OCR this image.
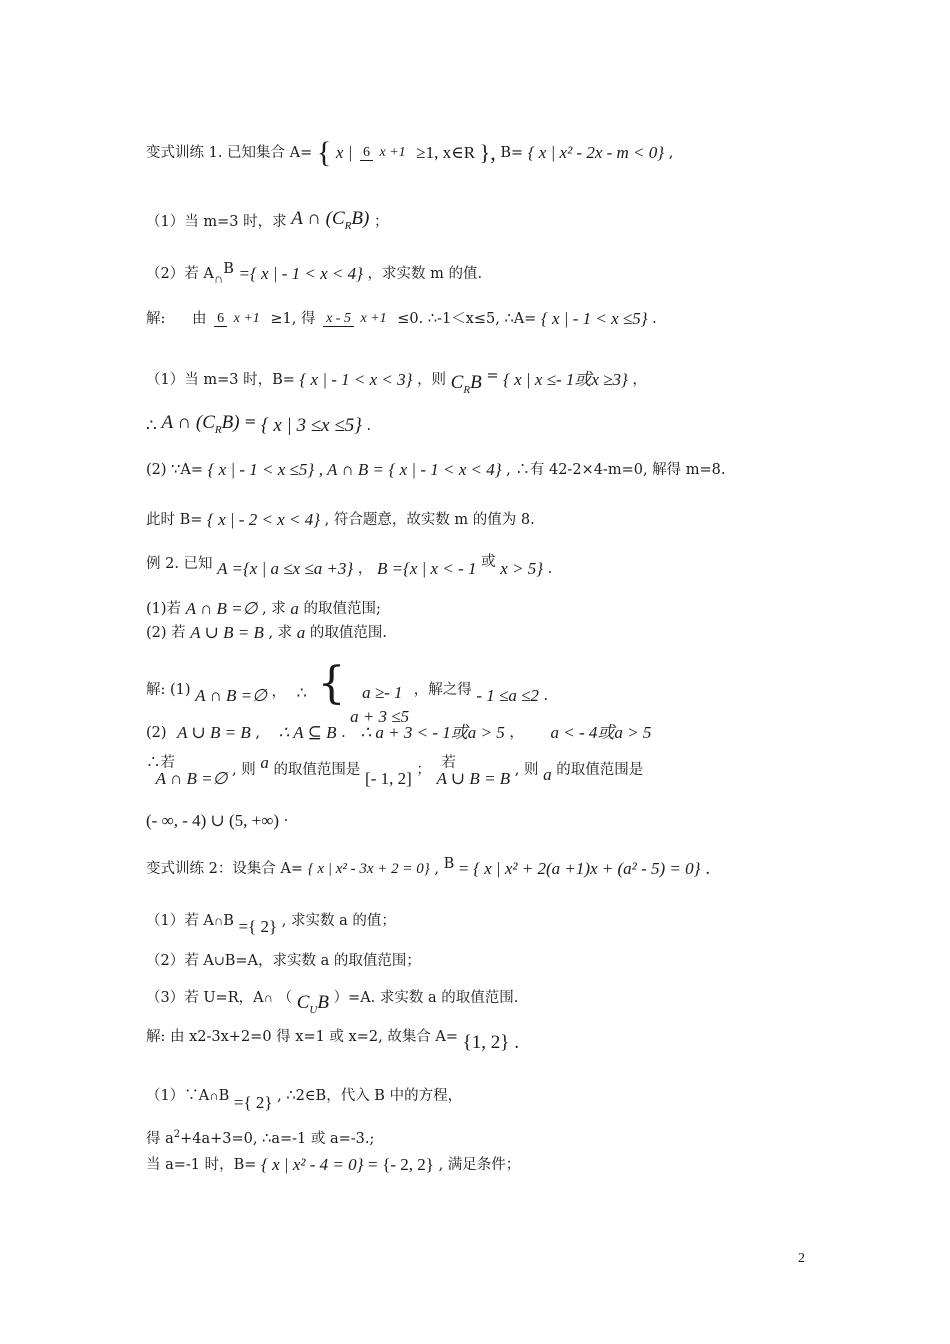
变式训练 1. 已知集合 A= { x | 6 x +1 ≥1, x∈R }, B= { x | x² - 2x - m < 0} ,
（1）当 m=3 时，求 A ∩ $(C_RB)$ ；
（2）若 A∩B ={ x | - 1 < x < 4} ，求实数 m 的值.
解: 由 6 x +1 ≥1, 得 x - 5 x +1 ≤0. ∴-1＜x≤5, ∴A= { x | - 1 < x ≤5} .
（1）当 m=3 时，B= { x | - 1 < x < 3} ，则 $C_RB$ = { x | x ≤- 1或x ≥3} ，
∴ A ∩ $(C_RB)$ = { x | 3 ≤x ≤5} .
(2) ∵A= { x | - 1 < x ≤5} , A ∩ B = { x | - 1 < x < 4} , ∴有 42-2×4-m=0, 解得 m=8.
此时 B= { x | - 2 < x < 4} , 符合题意，故实数 m 的值为 8.
例 2. 已知 A ={x | a ≤x ≤a +3} ， B ={x | x < - 1 或 x > 5} .
(1)若 A ∩ B =∅ , 求 a 的取值范围;
(2) 若 A ∪ B = B , 求 a 的取值范围.
解: (1) A ∩ B =∅ ， ∴ { a ≥- 1
a + 3 ≤5
，解之得 - 1 ≤a ≤2 .
(2) A ∪ B = B , ∴ A ⊆ B . ∴ a + 3 < - 1或a > 5 ， a < - 4或a > 5
∴若 A ∩ B =∅ , 则 a 的取值范围是 [- 1, 2] ； 若 A ∪ B = B , 则 a 的取值范围是
(- ∞, - 4) ∪ (5, +∞) .
变式训练 2：设集合 A= { x | x² - 3x + 2 = 0} , B = { x | x² + 2(a +1)x + (a² - 5) = 0} .
（1）若 A∩B ={ 2} , 求实数 a 的值；
（2）若 A∪B=A，求实数 a 的取值范围；
（3）若 U=R，A∩ （ $C_UB$ ）=A. 求实数 a 的取值范围.
解: 由 x2-3x+2=0 得 x=1 或 x=2, 故集合 A= {1, 2} .
（1）∵A∩B ={ 2} , ∴2∈B，代入 B 中的方程，
得 $a^2+4a+3=0$, ∴a=-1 或 a=-3.;
当 a=-1 时，B= { x | x² - 4 = 0} = {- 2, 2} , 满足条件；
2
